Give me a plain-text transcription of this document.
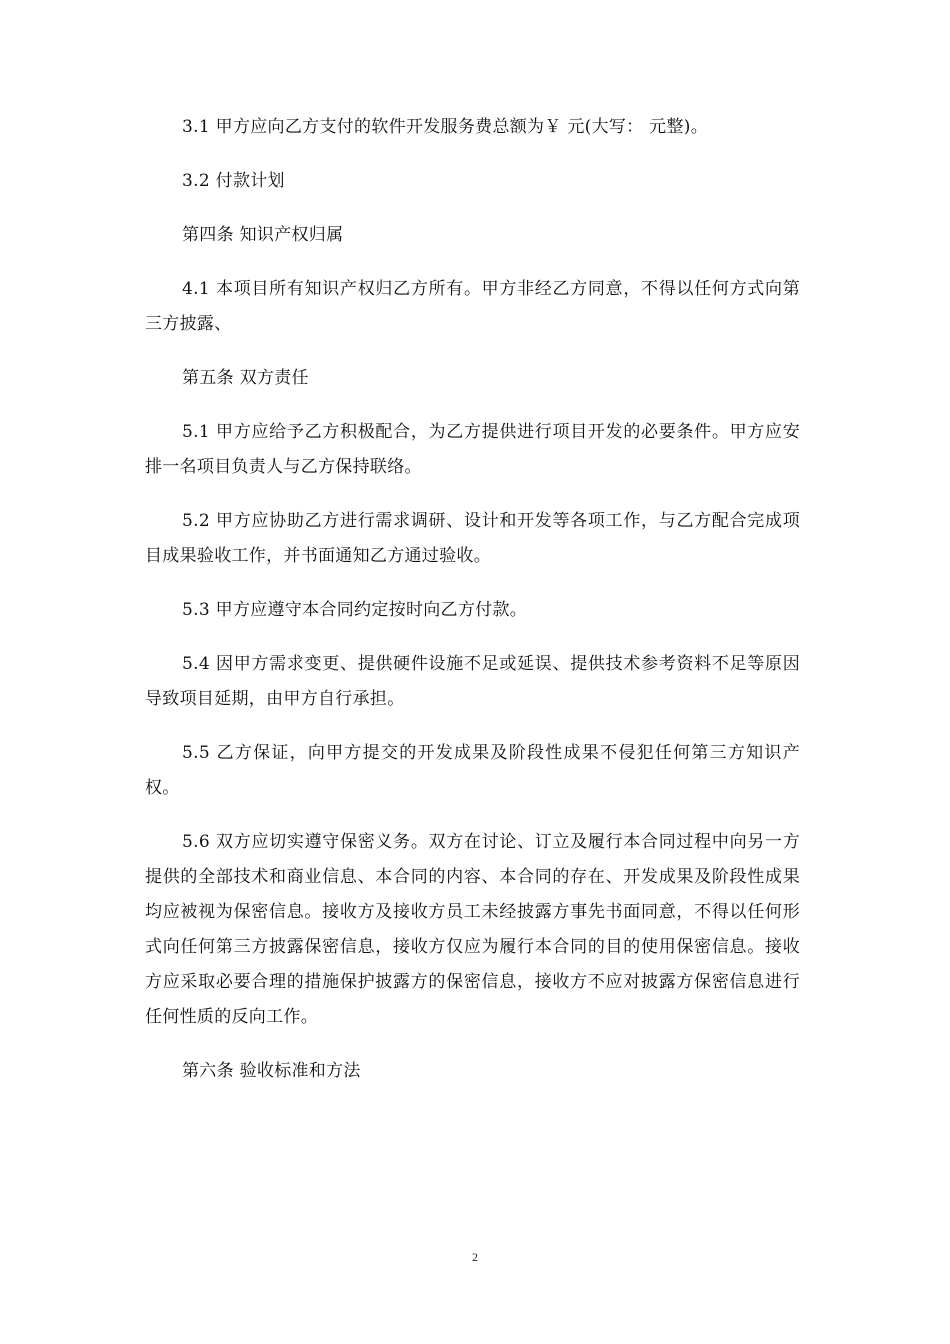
3.1 甲方应向乙方支付的软件开发服务费总额为￥ 元(大写： 元整)。

3.2 付款计划

第四条 知识产权归属

4.1 本项目所有知识产权归乙方所有。甲方非经乙方同意，不得以任何方式向第三方披露、

第五条 双方责任

5.1 甲方应给予乙方积极配合，为乙方提供进行项目开发的必要条件。甲方应安排一名项目负责人与乙方保持联络。

5.2 甲方应协助乙方进行需求调研、设计和开发等各项工作，与乙方配合完成项目成果验收工作，并书面通知乙方通过验收。

5.3 甲方应遵守本合同约定按时向乙方付款。

5.4 因甲方需求变更、提供硬件设施不足或延误、提供技术参考资料不足等原因导致项目延期，由甲方自行承担。

5.5 乙方保证，向甲方提交的开发成果及阶段性成果不侵犯任何第三方知识产权。

5.6 双方应切实遵守保密义务。双方在讨论、订立及履行本合同过程中向另一方提供的全部技术和商业信息、本合同的内容、本合同的存在、开发成果及阶段性成果均应被视为保密信息。接收方及接收方员工未经披露方事先书面同意，不得以任何形式向任何第三方披露保密信息，接收方仅应为履行本合同的目的使用保密信息。接收方应采取必要合理的措施保护披露方的保密信息，接收方不应对披露方保密信息进行任何性质的反向工作。

第六条 验收标准和方法

2
